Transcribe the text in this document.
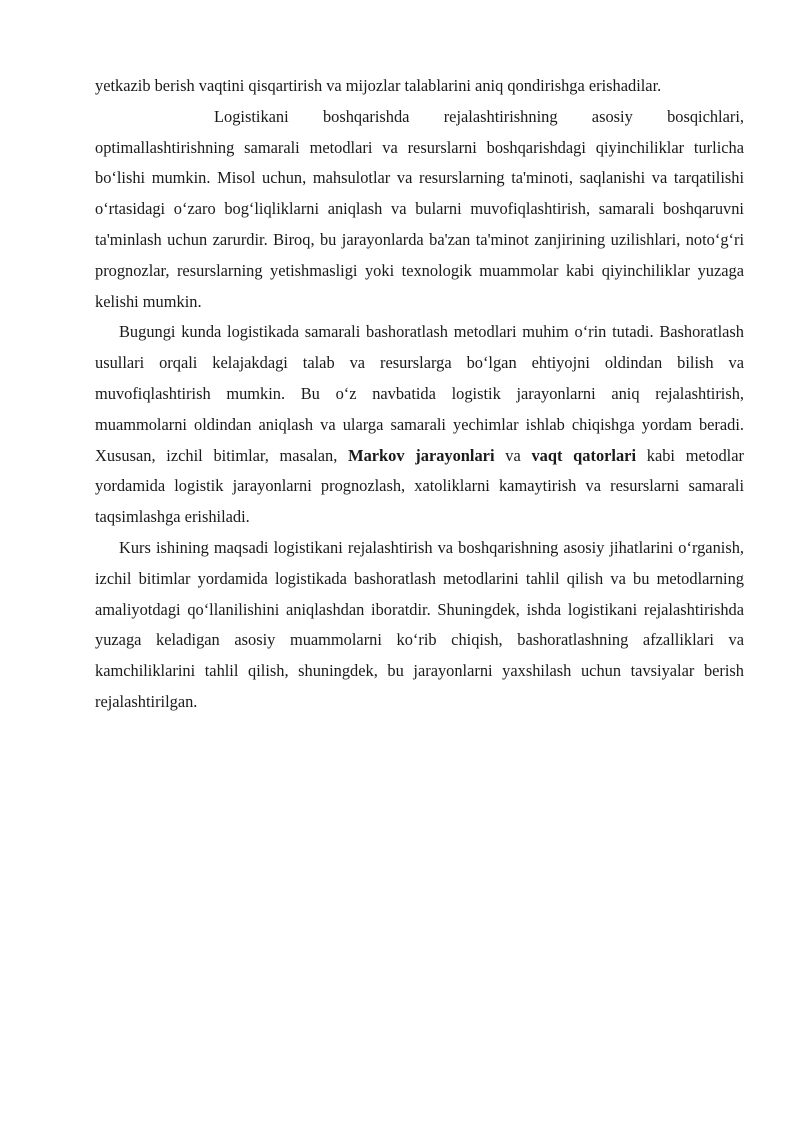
yetkazib berish vaqtini qisqartirish va mijozlar talablarini aniq qondirishga erishadilar.

Logistikani boshqarishda rejalashtirishning asosiy bosqichlari, optimallashtirishning samarali metodlari va resurslarni boshqarishdagi qiyinchiliklar turlicha bo‘lishi mumkin. Misol uchun, mahsulotlar va resurslarning ta'minoti, saqlanishi va tarqatilishi o‘rtasidagi o‘zaro bog‘liqliklarni aniqlash va bularni muvofiqlashtirish, samarali boshqaruvni ta'minlash uchun zarurdir. Biroq, bu jarayonlarda ba'zan ta'minot zanjirining uzilishlari, noto‘g‘ri prognozlar, resurslarning yetishmasligi yoki texnologik muammolar kabi qiyinchiliklar yuzaga kelishi mumkin.

Bugungi kunda logistikada samarali bashoratlash metodlari muhim o‘rin tutadi. Bashoratlash usullari orqali kelajakdagi talab va resurslarga bo‘lgan ehtiyojni oldindan bilish va muvofiqlashtirish mumkin. Bu o‘z navbatida logistik jarayonlarni aniq rejalashtirish, muammolarni oldindan aniqlash va ularga samarali yechimlar ishlab chiqishga yordam beradi. Xususan, izchil bitimlar, masalan, Markov jarayonlari va vaqt qatorlari kabi metodlar yordamida logistik jarayonlarni prognozlash, xatoliklarni kamaytirish va resurslarni samarali taqsimlashga erishiladi.

Kurs ishining maqsadi logistikani rejalashtirish va boshqarishning asosiy jihatlarini o‘rganish, izchil bitimlar yordamida logistikada bashoratlash metodlarini tahlil qilish va bu metodlarning amaliyotdagi qo‘llanilishini aniqlashdan iboratdir. Shuningdek, ishda logistikani rejalashtirishda yuzaga keladigan asosiy muammolarni ko‘rib chiqish, bashoratlashning afzalliklari va kamchiliklarini tahlil qilish, shuningdek, bu jarayonlarni yaxshilash uchun tavsiyalar berish rejalashtirilgan.
